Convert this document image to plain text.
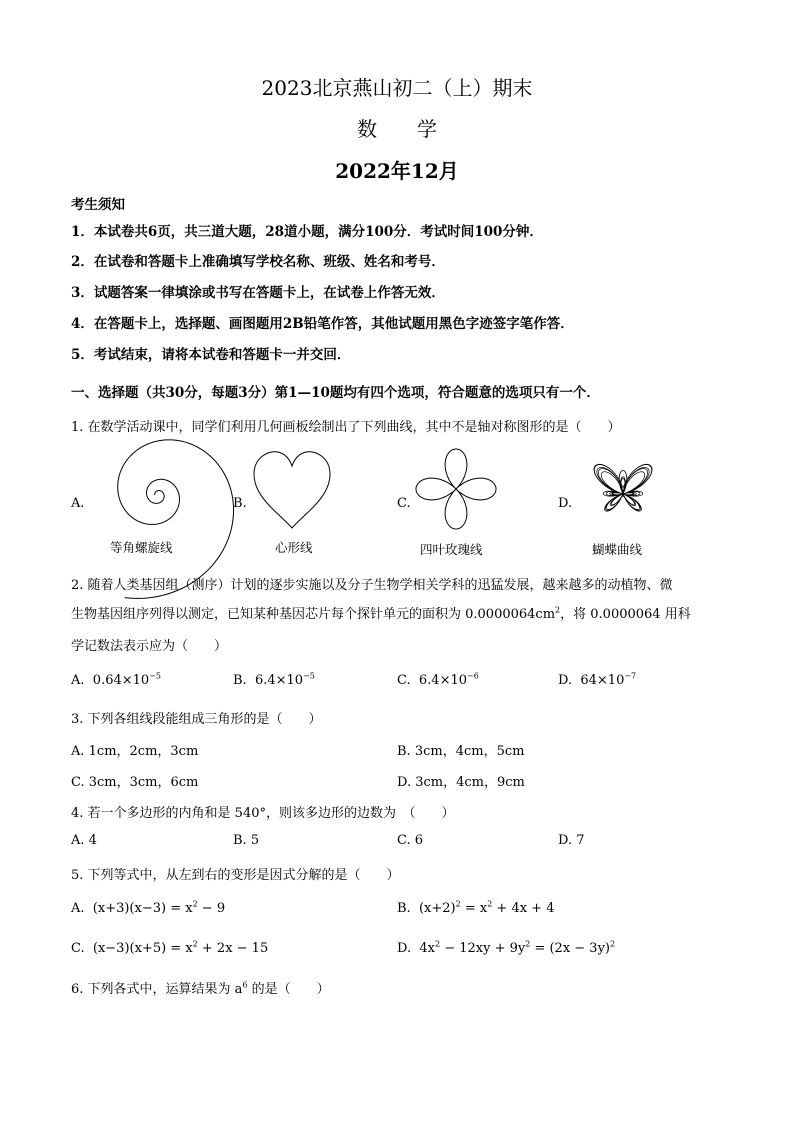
2023北京燕山初二（上）期末
数　　学
2022年12月
考生须知
1．本试卷共6页，共三道大题，28道小题，满分100分．考试时间100分钟．
2．在试卷和答题卡上准确填写学校名称、班级、姓名和考号．
3．试题答案一律填涂或书写在答题卡上，在试卷上作答无效．
4．在答题卡上，选择题、画图题用2B铅笔作答，其他试题用黑色字迹签字笔作答．
5．考试结束，请将本试卷和答题卡一并交回．
一、选择题（共30分，每题3分）第1—10题均有四个选项，符合题意的选项只有一个．
1. 在数学活动课中，同学们利用几何画板绘制出了下列曲线，其中不是轴对称图形的是（　　）
A.
等角螺旋线
B.
心形线
C.
四叶玫瑰线
D.
蝴蝶曲线
2. 随着人类基因组（测序）计划的逐步实施以及分子生物学相关学科的迅猛发展，越来越多的动植物、微
生物基因组序列得以测定，已知某种基因芯片每个探针单元的面积为 $0.0000064cm^2$，将 0.0000064 用科
学记数法表示应为（　　）
A. $0.64\times 10^{-5}$	B. $6.4\times 10^{-5}$	C. $6.4\times 10^{-6}$	D. $64\times 10^{-7}$
3. 下列各组线段能组成三角形的是（　　）
A. 1cm，2cm，3cm	B. 3cm，4cm，5cm
C. 3cm，3cm，6cm	D. 3cm，4cm，9cm
4. 若一个多边形的内角和是 540°，则该多边形的边数为　（　　）
A. 4	B. 5	C. 6	D. 7
5. 下列等式中，从左到右的变形是因式分解的是（　　）
A. $(x+3)(x-3) = x^2 - 9$	B. $(x+2)^2 = x^2 + 4x + 4$
C. $(x-3)(x+5) = x^2 + 2x - 15$	D. $4x^2 - 12xy + 9y^2 = (2x - 3y)^2$
6. 下列各式中，运算结果为 $a^6$ 的是（　　）
